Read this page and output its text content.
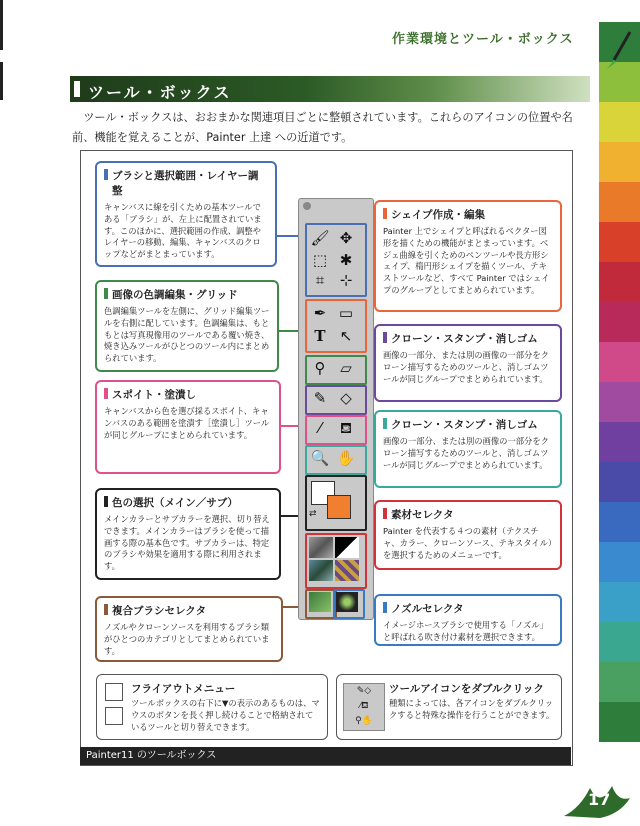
作業環境とツール・ボックス
ツール・ボックス
ツール・ボックスは、おおまかな関連項目ごとに整頓されています。これらのアイコンの位置や名前、機能を覚えることが、Painter 上達 への近道です。
🖌 ✥
⬚ ✱
⌗	⊹
✒ ▭
T ↖
⚲ ▱
✎ ◇
⁄	⛾
🔍 ✋
⇄
ブラシと選択範囲・レイヤー調整
キャンバスに線を引くための基本ツールである「ブラシ」が、左上に配置されています。このほかに、選択範囲の作成、調整やレイヤーの移動、編集、キャンバスのクロップなどがまとまっています。
画像の色調編集・グリッド
色調編集ツールを左側に、グリッド編集ツールを右側に配しています。色調編集は、もともとは写真現像用のツールである覆い焼き、焼き込みツールがひとつのツール内にまとめられています。
スポイト・塗潰し
キャンバスから色を選び採るスポイト、キャンバスのある範囲を塗潰す［塗潰し］ツールが同じグループにまとめられています。
色の選択（メイン／サブ）
メインカラーとサブカラーを選択、切り替えできます。メインカラーはブラシを使って描画する際の基本色です。サブカラーは、特定のブラシや効果を適用する際に利用されます。
複合ブラシセレクタ
ノズルやクローンソースを利用するブラシ類がひとつのカテゴリとしてまとめられています。
シェイプ作成・編集
Painter 上でシェイプと呼ばれるベクター図形を描くための機能がまとまっています。ベジェ曲線を引くためのペンツールや長方形シェイプ、楕円形シェイプを描くツール、テキストツールなど、すべて Painter ではシェイプのグループとしてまとめられています。
クローン・スタンプ・消しゴム
画像の一部分、または別の画像の一部分をクローン描写するためのツールと、消しゴムツールが同じグループでまとめられています。
クローン・スタンプ・消しゴム
画像の一部分、または別の画像の一部分をクローン描写するためのツールと、消しゴムツールが同じグループでまとめられています。
素材セレクタ
Painter を代表する４つの素材（テクスチャ、カラー、クローンソース、テキスタイル）を選択するためのメニューです。
ノズルセレクタ
イメージホースブラシで使用する「ノズル」と呼ばれる吹き付け素材を選択できます。
フライアウトメニュー
ツールボックスの右下に▼の表示のあるものは、マウスのボタンを長く押し続けることで格納されているツールと切り替えできます。
✎◇
⁄⛾
⚲✋
ツールアイコンをダブルクリック
種類によっては、各アイコンをダブルクリックすると特殊な操作を行うことができます。
Painter11 のツールボックス
17
